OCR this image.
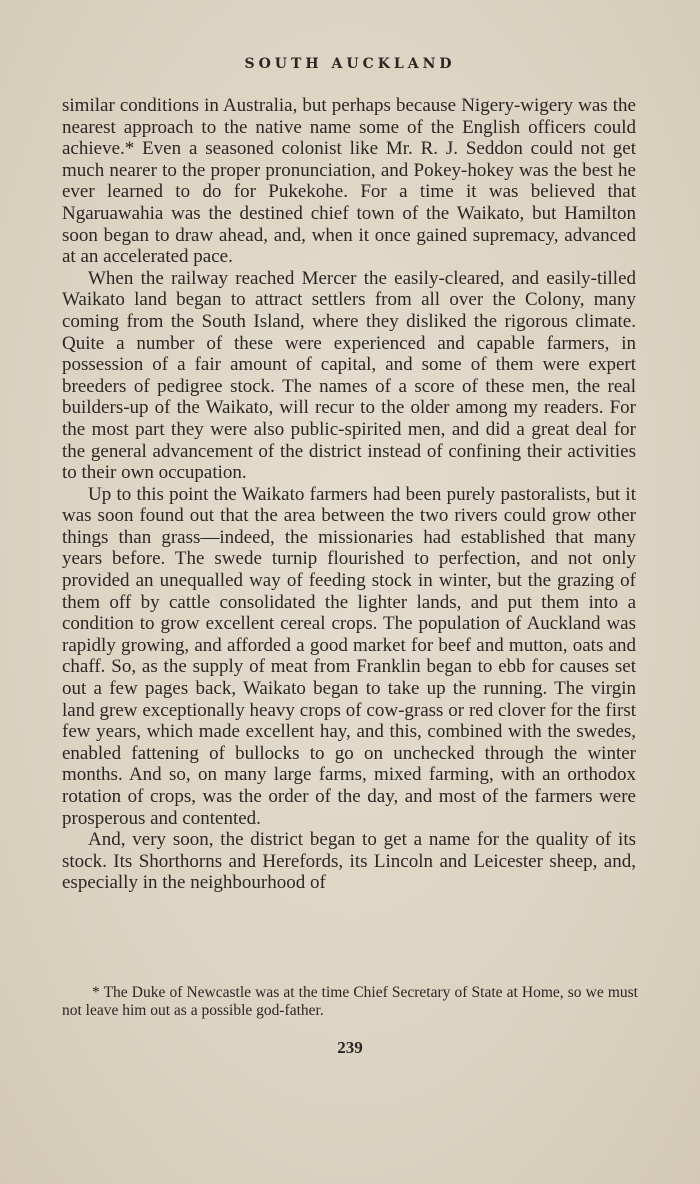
SOUTH AUCKLAND

similar conditions in Australia, but perhaps because Nigery-wigery was the nearest approach to the native name some of the English officers could achieve.* Even a seasoned colonist like Mr. R. J. Seddon could not get much nearer to the proper pronunciation, and Pokey-hokey was the best he ever learned to do for Pukekohe. For a time it was believed that Ngaruawahia was the destined chief town of the Waikato, but Hamilton soon began to draw ahead, and, when it once gained supremacy, advanced at an accelerated pace.

When the railway reached Mercer the easily-cleared, and easily-tilled Waikato land began to attract settlers from all over the Colony, many coming from the South Island, where they disliked the rigorous climate. Quite a number of these were experienced and capable farmers, in possession of a fair amount of capital, and some of them were expert breeders of pedigree stock. The names of a score of these men, the real builders-up of the Waikato, will recur to the older among my readers. For the most part they were also public-spirited men, and did a great deal for the general advancement of the district instead of confining their activities to their own occupation.

Up to this point the Waikato farmers had been purely pastoralists, but it was soon found out that the area between the two rivers could grow other things than grass—indeed, the missionaries had established that many years before. The swede turnip flourished to perfection, and not only provided an unequalled way of feeding stock in winter, but the grazing of them off by cattle consolidated the lighter lands, and put them into a condition to grow excellent cereal crops. The population of Auckland was rapidly growing, and afforded a good market for beef and mutton, oats and chaff. So, as the supply of meat from Franklin began to ebb for causes set out a few pages back, Waikato began to take up the running. The virgin land grew exceptionally heavy crops of cow-grass or red clover for the first few years, which made excellent hay, and this, combined with the swedes, enabled fattening of bullocks to go on unchecked through the winter months. And so, on many large farms, mixed farming, with an orthodox rotation of crops, was the order of the day, and most of the farmers were prosperous and contented.

And, very soon, the district began to get a name for the quality of its stock. Its Shorthorns and Herefords, its Lincoln and Leicester sheep, and, especially in the neighbourhood of

* The Duke of Newcastle was at the time Chief Secretary of State at Home, so we must not leave him out as a possible god-father.
239
